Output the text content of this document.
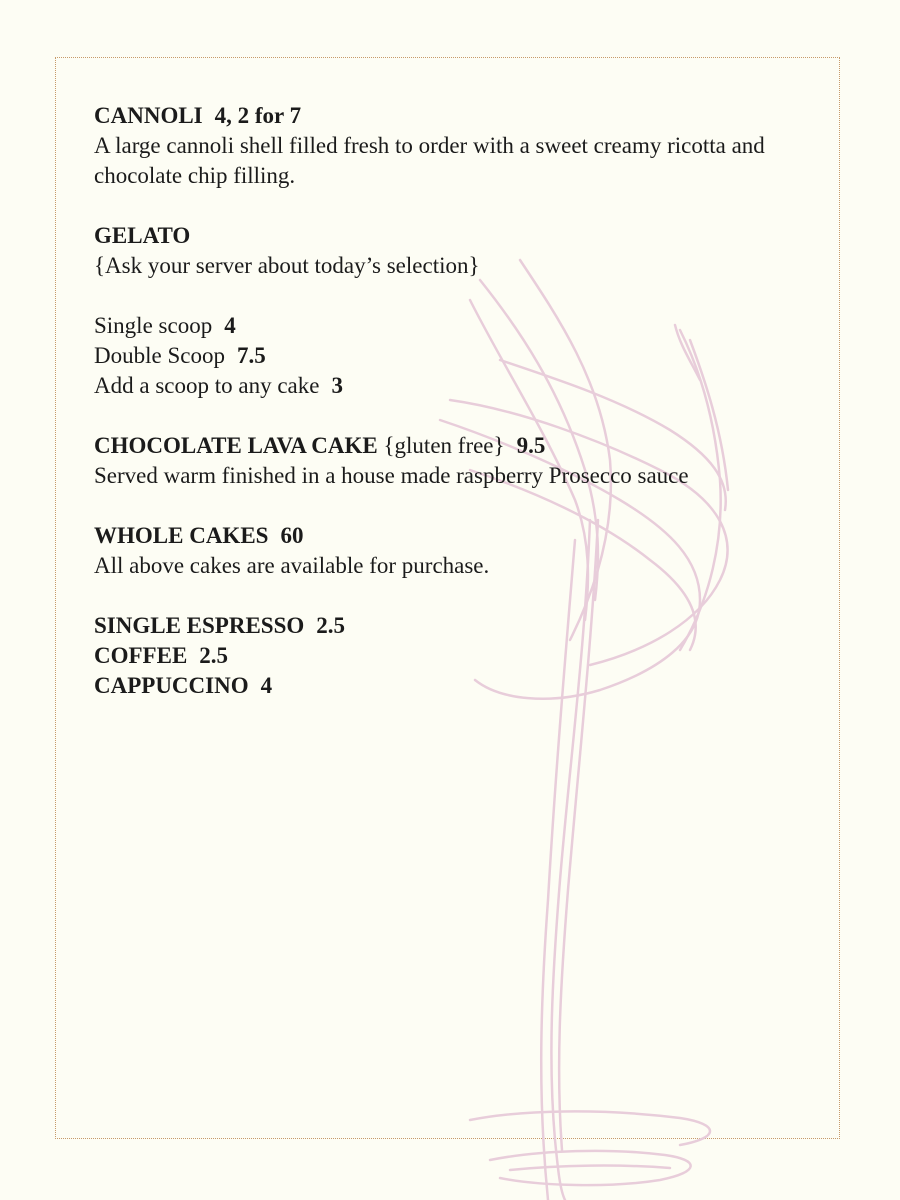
CANNOLI 4, 2 for 7
A large cannoli shell filled fresh to order with a sweet creamy ricotta and chocolate chip filling.
GELATO
{Ask your server about today’s selection}
Single scoop 4
Double Scoop 7.5
Add a scoop to any cake 3
CHOCOLATE LAVA CAKE {gluten free} 9.5
Served warm finished in a house made raspberry Prosecco sauce
WHOLE CAKES 60
All above cakes are available for purchase.
SINGLE ESPRESSO 2.5
COFFEE 2.5
CAPPUCCINO 4
